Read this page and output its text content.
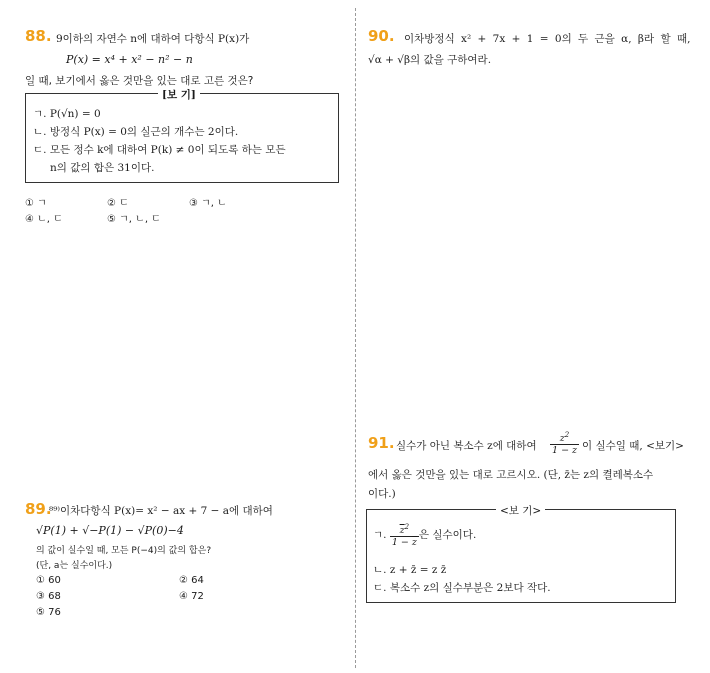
88. 9이하의 자연수 n에 대하여 다항식 P(x)가
P(x) = x⁴ + x² − n² − n
일 때, 보기에서 옳은 것만을 있는 대로 고른 것은?
[보 기]
ㄱ. P(√n) = 0
ㄴ. 방정식 P(x) = 0의 실근의 개수는 2이다.
ㄷ. 모든 정수 k에 대하여 P(k) ≠ 0이 되도록 하는 모든
n의 값의 합은 31이다.
① ㄱ	② ㄷ	③ ㄱ, ㄴ
④ ㄴ, ㄷ	⑤ ㄱ, ㄴ, ㄷ
89.
⁸⁹⁾이차다항식 P(x)= x² − ax + 7 − a에 대하여
√P(1) + √−P(1) − √P(0)−4
의 값이 실수일 때, 모든 P(−4)의 값의 합은?
(단, a는 실수이다.)
① 60	② 64
③ 68	④ 72
⑤ 76
90. 이차방정식 x² + 7x + 1 = 0의 두 근을 α, β라 할 때,
√α + √β의 값을 구하여라.
91. 실수가 아닌 복소수 z에 대하여 $\frac{z^2}{1 - z}$ 이 실수일 때, <보기>
에서 옳은 것만을 있는 대로 고르시오. (단, z̄는 z의 켤레복소수
이다.)
<보 기>
ㄱ. $\frac{\overline{z}^2}{1 - \overline{z}}$ 은 실수이다.
ㄴ. z + z̄ = z z̄
ㄷ. 복소수 z의 실수부분은 2보다 작다.
